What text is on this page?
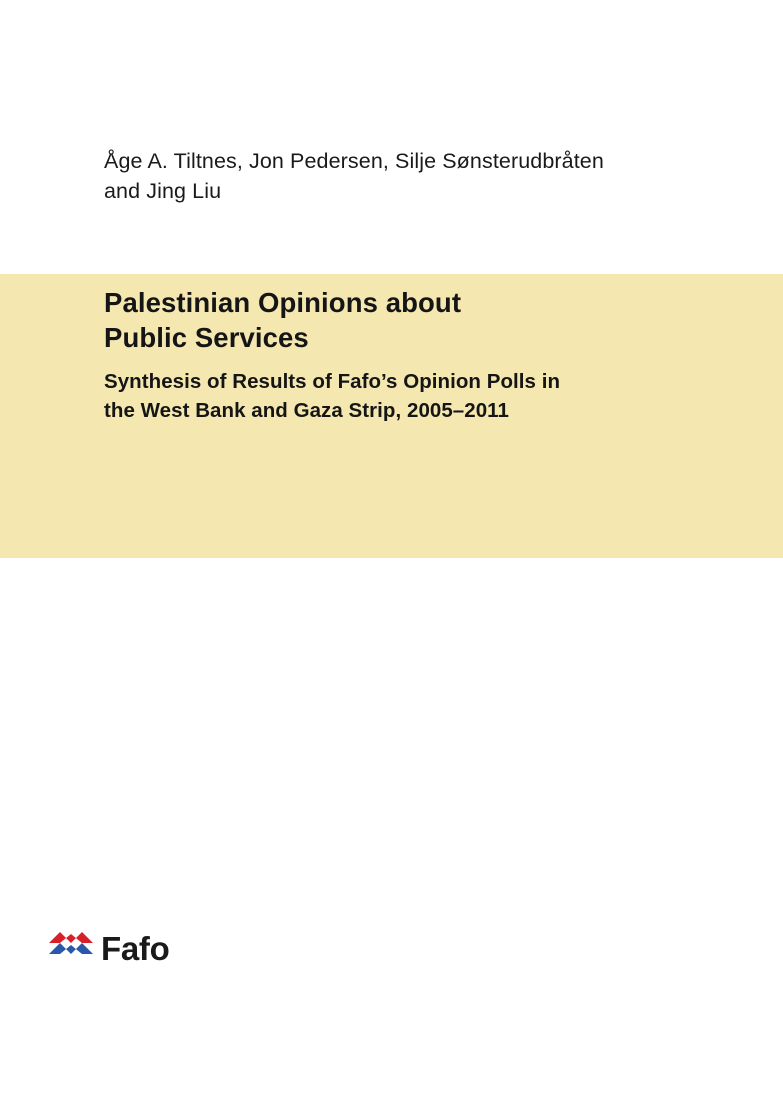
Åge A. Tiltnes, Jon Pedersen, Silje Sønsterudbråten
and Jing Liu
Palestinian Opinions about
Public Services
Synthesis of Results of Fafo’s Opinion Polls in
the West Bank and Gaza Strip, 2005–2011
Fafo
